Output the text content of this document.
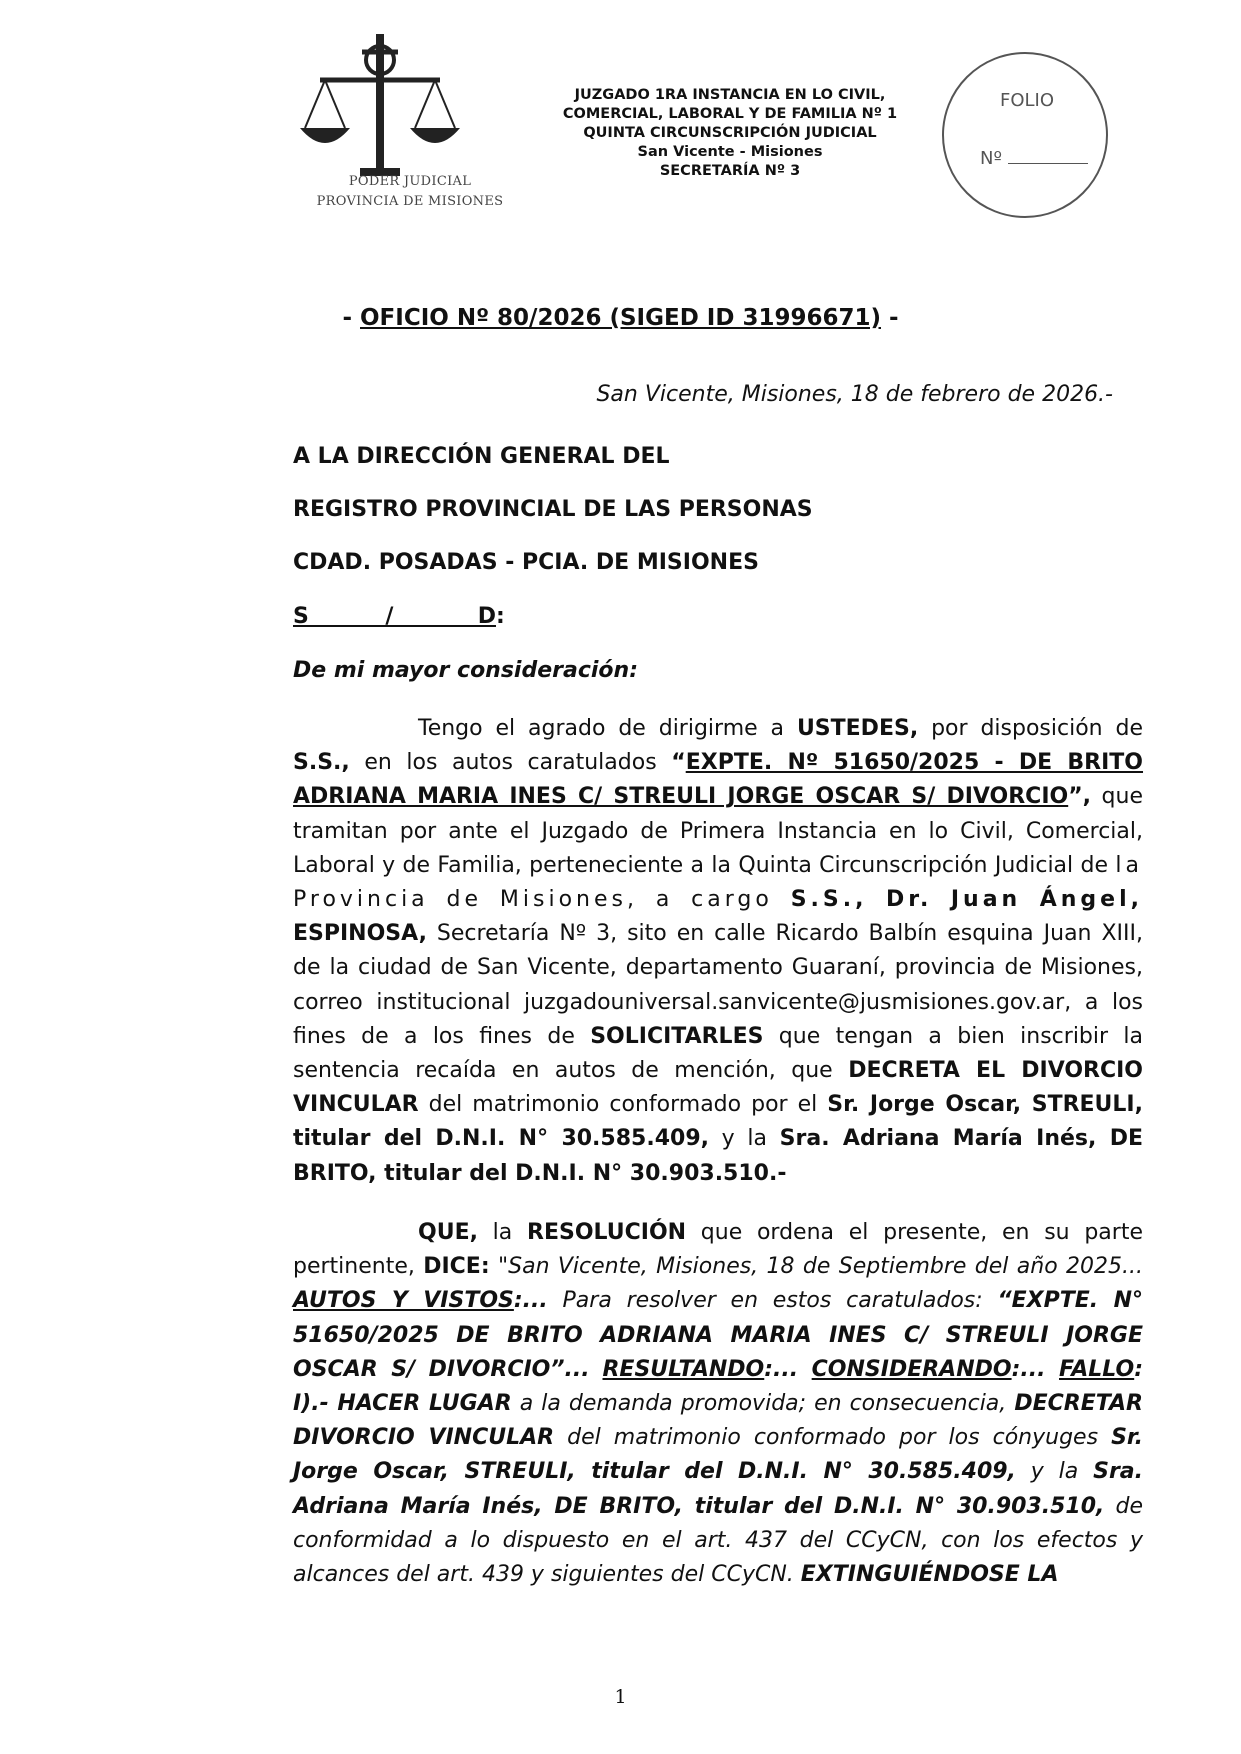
PODER JUDICIAL
PROVINCIA DE MISIONES
JUZGADO 1RA INSTANCIA EN LO CIVIL,
COMERCIAL, LABORAL Y DE FAMILIA Nº 1
QUINTA CIRCUNSCRIPCIÓN JUDICIAL
San Vicente - Misiones
SECRETARÍA Nº 3
FOLIO
Nº
- OFICIO Nº 80/2026 (SIGED ID 31996671) -
San Vicente, Misiones, 18 de febrero de 2026.-
A LA DIRECCIÓN GENERAL DEL
REGISTRO PROVINCIAL DE LAS PERSONAS
CDAD. POSADAS - PCIA. DE MISIONES
S          /           D:
De mi mayor consideración:
Tengo el agrado de dirigirme a USTEDES, por disposición de S.S., en los autos caratulados “EXPTE. Nº 51650/2025 - DE BRITO ADRIANA MARIA INES C/ STREULI JORGE OSCAR S/ DIVORCIO”, que tramitan por ante el Juzgado de Primera Instancia en lo Civil, Comercial, Laboral y de Familia, perteneciente a la Quinta Circunscripción Judicial de la Provincia de Misiones, a cargo S.S., Dr. Juan Ángel, ESPINOSA, Secretaría Nº 3, sito en calle Ricardo Balbín esquina Juan XIII, de la ciudad de San Vicente, departamento Guaraní, provincia de Misiones, correo institucional juzgadouniversal.sanvicente@jusmisiones.gov.ar, a los fines de a los fines de SOLICITARLES que tengan a bien inscribir la sentencia recaída en autos de mención, que DECRETA EL DIVORCIO VINCULAR del matrimonio conformado por el Sr. Jorge Oscar, STREULI, titular del D.N.I. N° 30.585.409, y la Sra. Adriana María Inés, DE BRITO, titular del D.N.I. N° 30.903.510.-
QUE, la RESOLUCIÓN que ordena el presente, en su parte pertinente, DICE: "San Vicente, Misiones, 18 de Septiembre del año 2025... AUTOS Y VISTOS:... Para resolver en estos caratulados: “EXPTE. N° 51650/2025 DE BRITO ADRIANA MARIA INES C/ STREULI JORGE OSCAR S/ DIVORCIO”... RESULTANDO:... CONSIDERANDO:... FALLO: I).- HACER LUGAR a la demanda promovida; en consecuencia, DECRETAR DIVORCIO VINCULAR del matrimonio conformado por los cónyuges Sr. Jorge Oscar, STREULI, titular del D.N.I. N° 30.585.409, y la Sra. Adriana María Inés, DE BRITO, titular del D.N.I. N° 30.903.510, de conformidad a lo dispuesto en el art. 437 del CCyCN, con los efectos y alcances del art. 439 y siguientes del CCyCN. EXTINGUIÉNDOSE LA
1
